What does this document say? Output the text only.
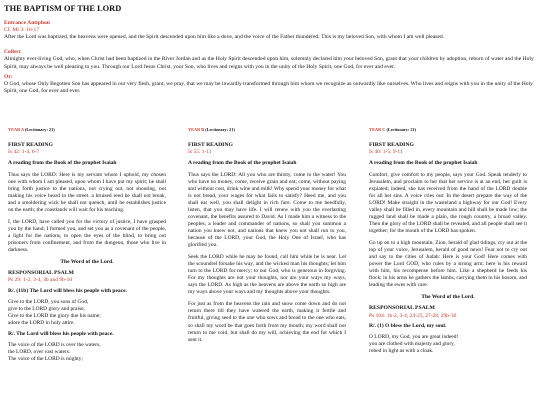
THE BAPTISM OF THE LORD
Entrance Antiphon
Cf. Mt 3: 16-17
After the Lord was baptized, the heavens were opened, and the Spirit descended upon him like a dove, and the voice of the Father thundered: This is my beloved Son, with whom I am well pleased.
Collect
Almighty ever-living God, who, when Christ had been baptized in the River Jordan and as the Holy Spirit descended upon him, solemnly declared him your beloved Son, grant that your children by adoption, reborn of water and the Holy Spirit, may always be well pleasing to you. Through our Lord Jesus Christ, your Son, who lives and reigns with you in the unity of the Holy Spirit, one God, for ever and ever.
Or:
O God, whose Only Begotten Son has appeared in our very flesh, grant, we pray, that we may be inwardly transformed through him whom we recognize as outwardly like ourselves. Who lives and reigns with you in the unity of the Holy Spirit, one God, for ever and ever.
YEAR A (Lectionary: 21)
FIRST READING
Is 42: 1-4, 6-7
A reading from the Book of the prophet Isaiah
Thus says the LORD: Here is my servant whom I uphold, my chosen one with whom I am pleased, upon whom I have put my spirit; he shall bring forth justice to the nations, not crying out, not shouting, not making his voice heard in the street. a bruised reed he shall not break, and a smoldering wick he shall not quench, until he establishes justice on the earth; the coastlands will wait for his teaching.
I, the LORD, have called you for the victory of justice, I have grasped you by the hand; I formed you, and set you as a covenant of the people, a light for the nations, to open the eyes of the blind, to bring out prisoners from confinement, and from the dungeon, those who live in darkness.
The Word of the Lord.
RESPONSORIAL PSALM
Ps 29: 1-2, 3-4, 3b and 9b-10
R/. (11b) The Lord will bless his people with peace.
Give to the LORD, you sons of God,
give to the LORD glory and praise,
Give to the LORD the glory due his name;
adore the LORD in holy attire.
R/. The Lord will bless his people with peace.
The voice of the LORD is over the waters,
the LORD, over vast waters.
The voice of the LORD is mighty;
YEAR B (Lectionary: 21)
FIRST READING
Is 55: 1-11
A reading from the Book of the prophet Isaiah
Thus says the LORD: All you who are thirsty, come to the water! You who have no money, come, receive grain and eat; come, without paying and without cost, drink wine and milk! Why spend your money for what is not bread, your wages for what fails to satisfy? Heed me, and you shall eat well, you shall delight in rich fare. Come to me heedfully, listen, that you may have life. I will renew with you the everlasting covenant, the benefits assured to David. As I made him a witness to the peoples, a leader and commander of nations, so shall you summon a nation you knew not, and nations that knew you not shall run to you, because of the LORD, your God, the Holy One of Israel, who has glorified you.
Seek the LORD while he may be found, call him while he is near. Let the scoundrel forsake his way, and the wicked man his thoughts; let him turn to the LORD for mercy; to our God, who is generous in forgiving. For my thoughts are not your thoughts, nor are your ways my ways, says the LORD. As high as the heavens are above the earth so high are my ways above your ways and my thoughts above your thoughts.
For just as from the heavens the rain and snow come down and do not return there till they have watered the earth, making it fertile and fruitful, giving seed to the one who sows and bread to the one who eats, so shall my word be that goes forth from my mouth; my word shall not return to me void, but shall do my will, achieving the end for which I sent it.
YEAR C (Lectionary: 21)
FIRST READING
Is 40: 1-5, 9-11
A reading from the Book of the prophet Isaiah
Comfort, give comfort to my people, says your God. Speak tenderly to Jerusalem, and proclaim to her that her service is at an end, her guilt is expiated; indeed, she has received from the hand of the LORD double for all her sins. A voice cries out: In the desert prepare the way of the LORD! Make straight in the wasteland a highway for our God! Every valley shall be filled in, every mountain and hill shall be made low; the rugged land shall be made a plain, the rough country, a broad valley. Then the glory of the LORD shall be revealed, and all people shall see it together; for the mouth of the LORD has spoken.
Go up on to a high mountain, Zion, herald of glad tidings, cry out at the top of your voice, Jerusalem, herald of good news! Fear not to cry out and say to the cities of Judah: Here is your God! Here comes with power the Lord GOD, who rules by a strong arm; here is his reward with him, his recompense before him. Like a shepherd he feeds his flock; in his arms he gathers the lambs, carrying them in his bosom, and leading the ewes with care.
The Word of the Lord.
RESPONSORIAL PSALM
Ps 104: 1b-2, 3-4, 24-25, 27-28, 29b-30
R/. (1) O bless the Lord, my soul.
O LORD, my God, you are great indeed!
you are clothed with majesty and glory,
robed in light as with a cloak.
